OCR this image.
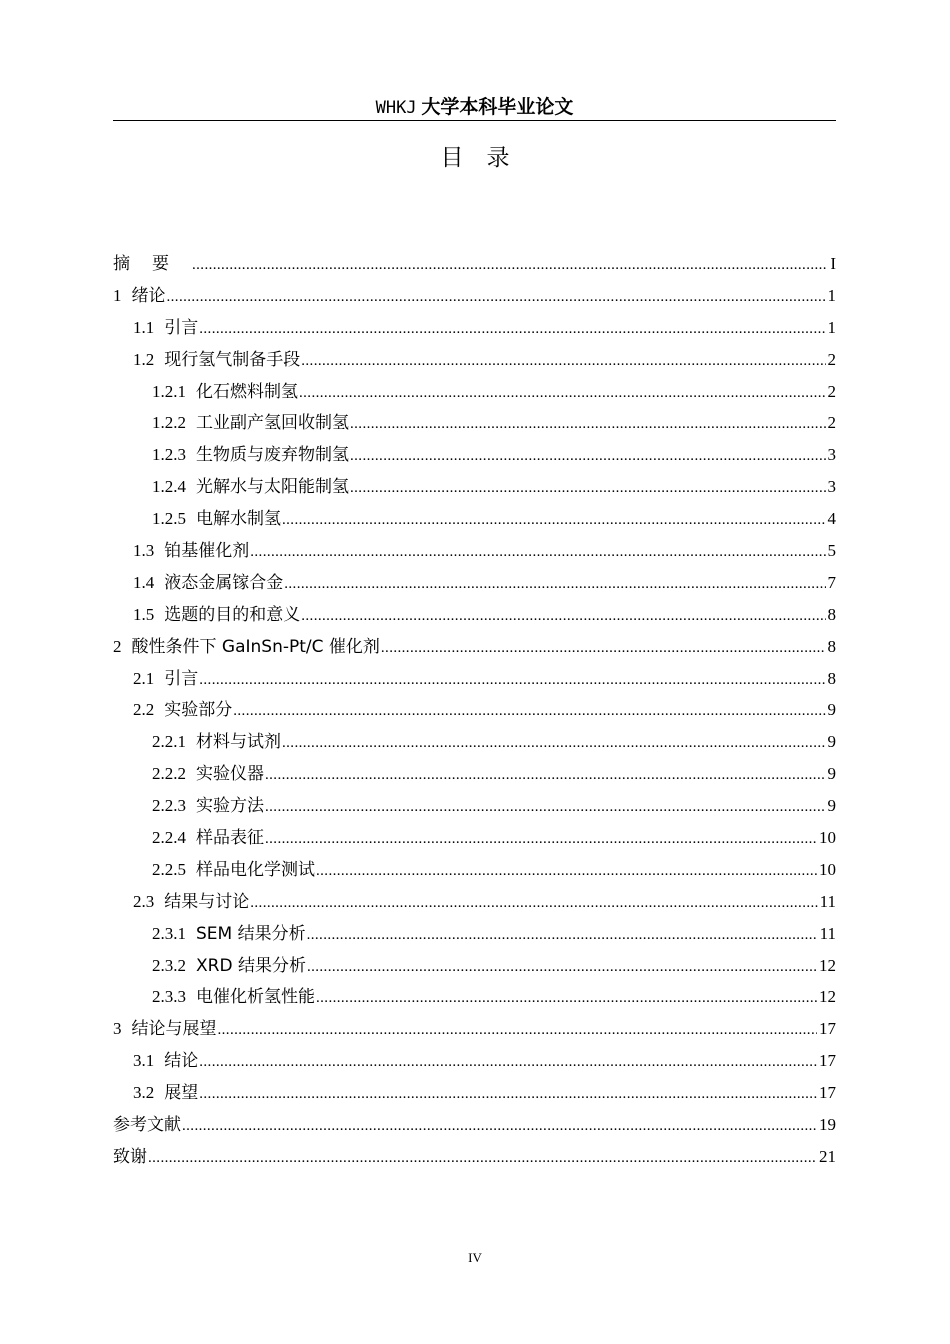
WHKJ 大学本科毕业论文
目　录
摘要 .....	I
1 绪论 .....	1
1.1 引言 .....	1
1.2 现行氢气制备手段 .....	2
1.2.1 化石燃料制氢 .....	2
1.2.2 工业副产氢回收制氢 .....	2
1.2.3 生物质与废弃物制氢 .....	3
1.2.4 光解水与太阳能制氢 .....	3
1.2.5 电解水制氢 .....	4
1.3 铂基催化剂 .....	5
1.4 液态金属镓合金 .....	7
1.5 选题的目的和意义 .....	8
2 酸性条件下 GaInSn-Pt/C 催化剂 .....	8
2.1 引言 .....	8
2.2 实验部分 .....	9
2.2.1 材料与试剂 .....	9
2.2.2 实验仪器 .....	9
2.2.3 实验方法 .....	9
2.2.4 样品表征 .....	10
2.2.5 样品电化学测试 .....	10
2.3 结果与讨论 .....	11
2.3.1 SEM 结果分析 .....	11
2.3.2 XRD 结果分析 .....	12
2.3.3 电催化析氢性能 .....	12
3 结论与展望 .....	17
3.1 结论 .....	17
3.2 展望 .....	17
参考文献 .....	19
致谢 .....	21
IV
